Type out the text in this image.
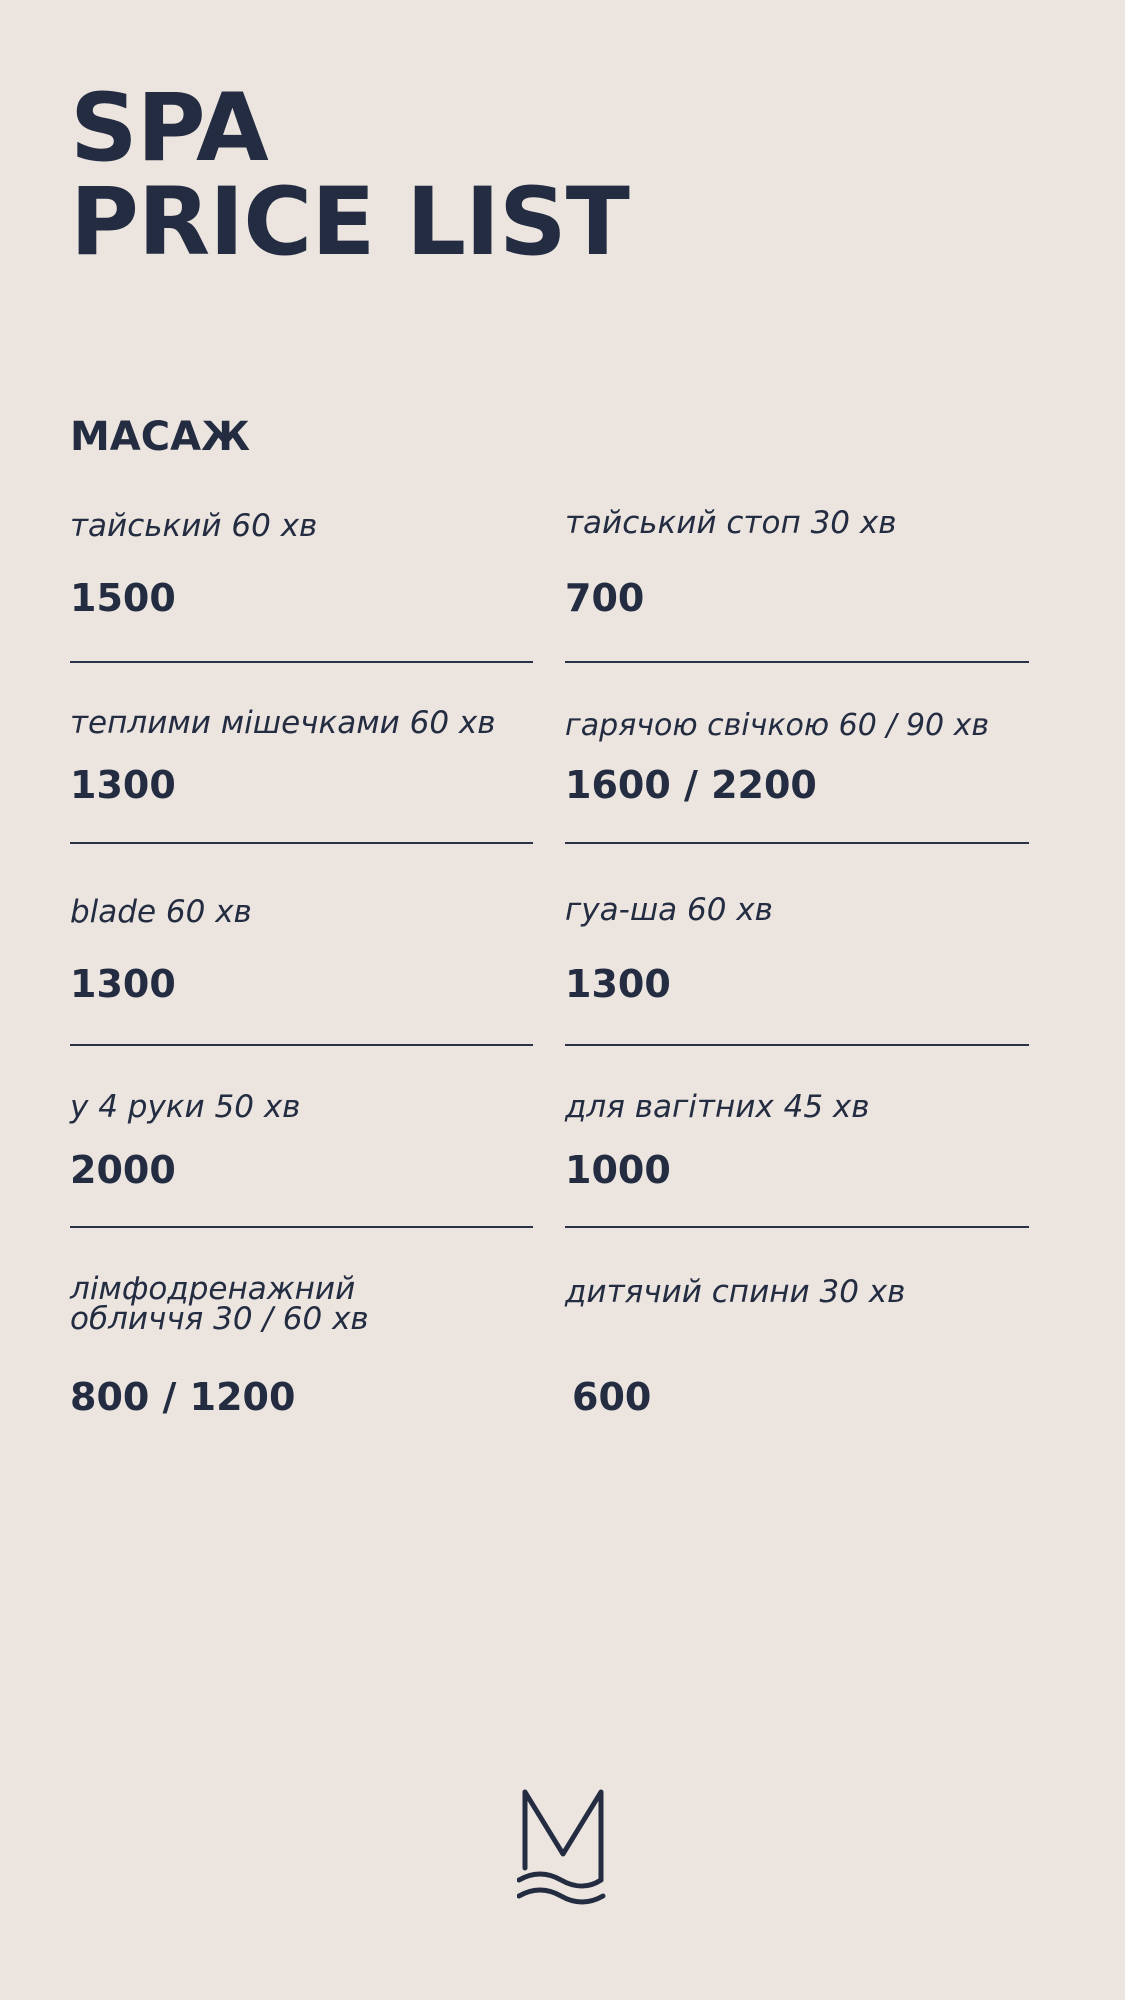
SPA
PRICE LIST
МАСАЖ
тайський 60 хв
1500
тайський стоп 30 хв
700
теплими мішечками 60 хв
1300
гарячою свічкою 60 / 90 хв
1600 / 2200
blade 60 хв
1300
гуа-ша 60 хв
1300
у 4 руки 50 хв
2000
для вагітних 45 хв
1000
лімфодренажний
обличчя 30 / 60 хв
800 / 1200
дитячий спини 30 хв
600
